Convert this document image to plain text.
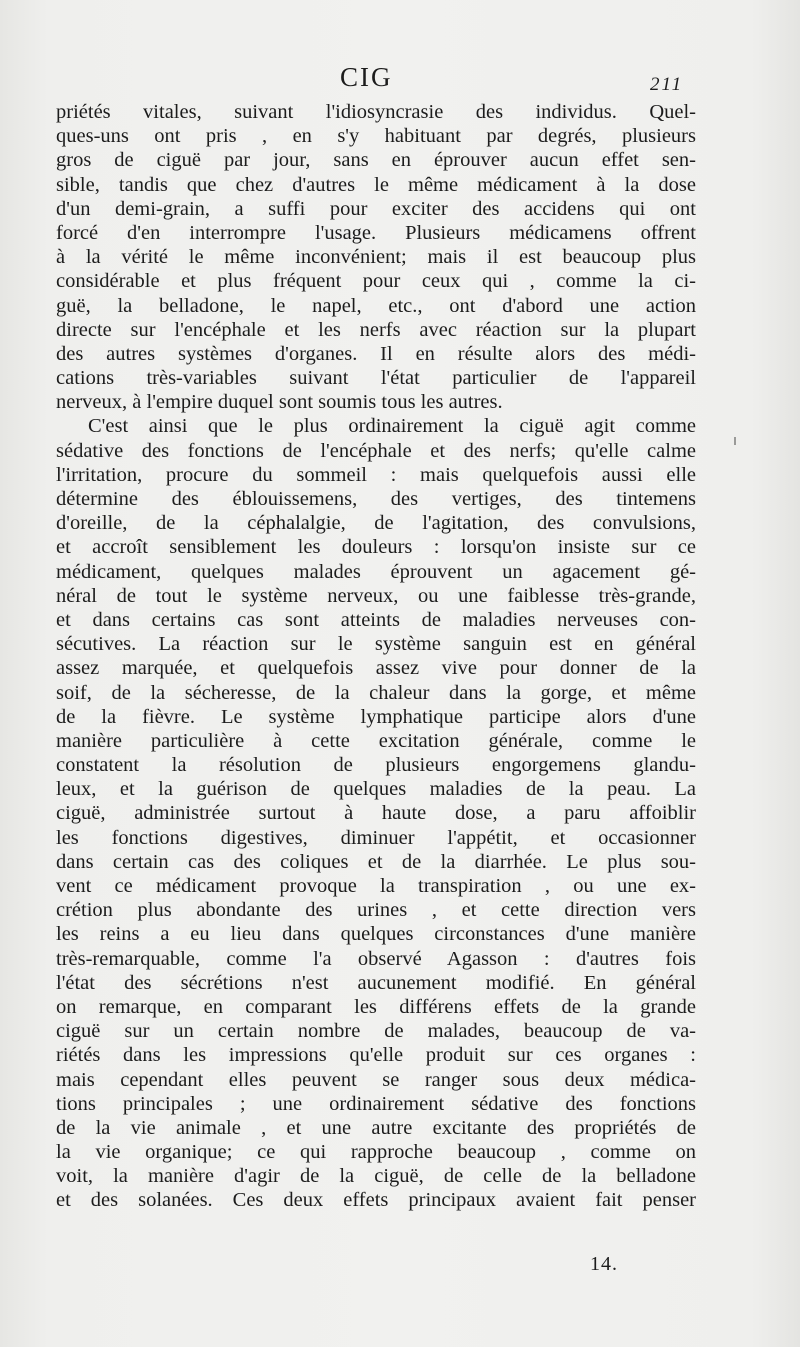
CIG	211
priétés vitales, suivant l'idiosyncrasie des individus. Quel-
ques-uns ont pris , en s'y habituant par degrés, plusieurs
gros de ciguë par jour, sans en éprouver aucun effet sen-
sible, tandis que chez d'autres le même médicament à la dose
d'un demi-grain, a suffi pour exciter des accidens qui ont
forcé d'en interrompre l'usage. Plusieurs médicamens offrent
à la vérité le même inconvénient; mais il est beaucoup plus
considérable et plus fréquent pour ceux qui , comme la ci-
guë, la belladone, le napel, etc., ont d'abord une action
directe sur l'encéphale et les nerfs avec réaction sur la plupart
des autres systèmes d'organes. Il en résulte alors des médi-
cations très-variables suivant l'état particulier de l'appareil
nerveux, à l'empire duquel sont soumis tous les autres.
C'est ainsi que le plus ordinairement la ciguë agit comme
sédative des fonctions de l'encéphale et des nerfs; qu'elle calme
l'irritation, procure du sommeil : mais quelquefois aussi elle
détermine des éblouissemens, des vertiges, des tintemens
d'oreille, de la céphalalgie, de l'agitation, des convulsions,
et accroît sensiblement les douleurs : lorsqu'on insiste sur ce
médicament, quelques malades éprouvent un agacement gé-
néral de tout le système nerveux, ou une faiblesse très-grande,
et dans certains cas sont atteints de maladies nerveuses con-
sécutives. La réaction sur le système sanguin est en général
assez marquée, et quelquefois assez vive pour donner de la
soif, de la sécheresse, de la chaleur dans la gorge, et même
de la fièvre. Le système lymphatique participe alors d'une
manière particulière à cette excitation générale, comme le
constatent la résolution de plusieurs engorgemens glandu-
leux, et la guérison de quelques maladies de la peau. La
ciguë, administrée surtout à haute dose, a paru affoiblir
les fonctions digestives, diminuer l'appétit, et occasionner
dans certain cas des coliques et de la diarrhée. Le plus sou-
vent ce médicament provoque la transpiration , ou une ex-
crétion plus abondante des urines , et cette direction vers
les reins a eu lieu dans quelques circonstances d'une manière
très-remarquable, comme l'a observé Agasson : d'autres fois
l'état des sécrétions n'est aucunement modifié. En général
on remarque, en comparant les différens effets de la grande
ciguë sur un certain nombre de malades, beaucoup de va-
riétés dans les impressions qu'elle produit sur ces organes :
mais cependant elles peuvent se ranger sous deux médica-
tions principales ; une ordinairement sédative des fonctions
de la vie animale , et une autre excitante des propriétés de
la vie organique; ce qui rapproche beaucoup , comme on
voit, la manière d'agir de la ciguë, de celle de la belladone
et des solanées. Ces deux effets principaux avaient fait penser
14.
